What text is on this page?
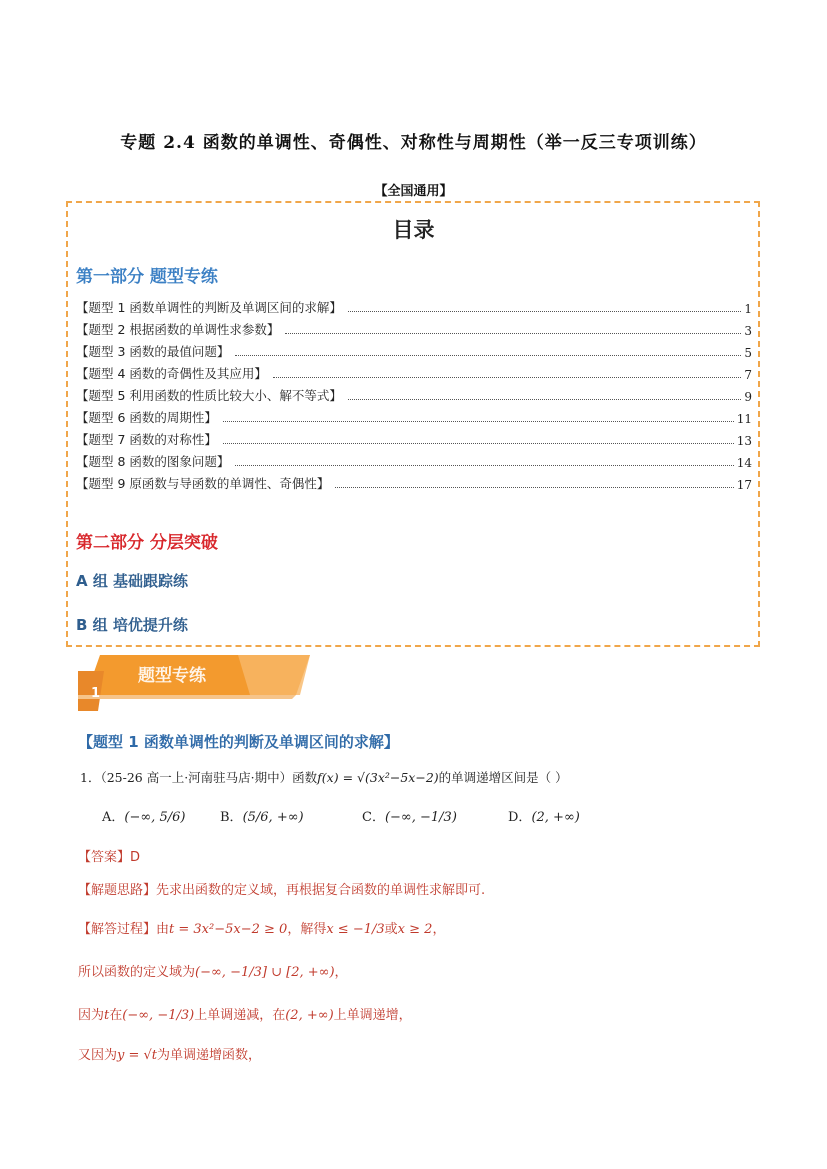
专题 2.4 函数的单调性、奇偶性、对称性与周期性（举一反三专项训练）
【全国通用】
目录
第一部分 题型专练
【题型 1 函数单调性的判断及单调区间的求解】	1
【题型 2 根据函数的单调性求参数】	3
【题型 3 函数的最值问题】	5
【题型 4 函数的奇偶性及其应用】	7
【题型 5 利用函数的性质比较大小、解不等式】	9
【题型 6 函数的周期性】	11
【题型 7 函数的对称性】	13
【题型 8 函数的图象问题】	14
【题型 9 原函数与导函数的单调性、奇偶性】	17
第二部分 分层突破
A 组 基础跟踪练
B 组 培优提升练
题型专练
1
【题型 1 函数单调性的判断及单调区间的求解】
1．（25-26 高一上·河南驻马店·期中）函数f(x) = √(3x²−5x−2)的单调递增区间是（ ）
A．(−∞, 5/6)	B．(5/6, +∞)	C．(−∞, −1/3)	D．(2, +∞)
【答案】D
【解题思路】先求出函数的定义域，再根据复合函数的单调性求解即可.
【解答过程】由t = 3x²−5x−2 ≥ 0，解得x ≤ −1/3或x ≥ 2，
所以函数的定义域为(−∞, −1/3] ∪ [2, +∞)，
因为t在(−∞, −1/3)上单调递减，在(2, +∞)上单调递增，
又因为y = √t为单调递增函数，
